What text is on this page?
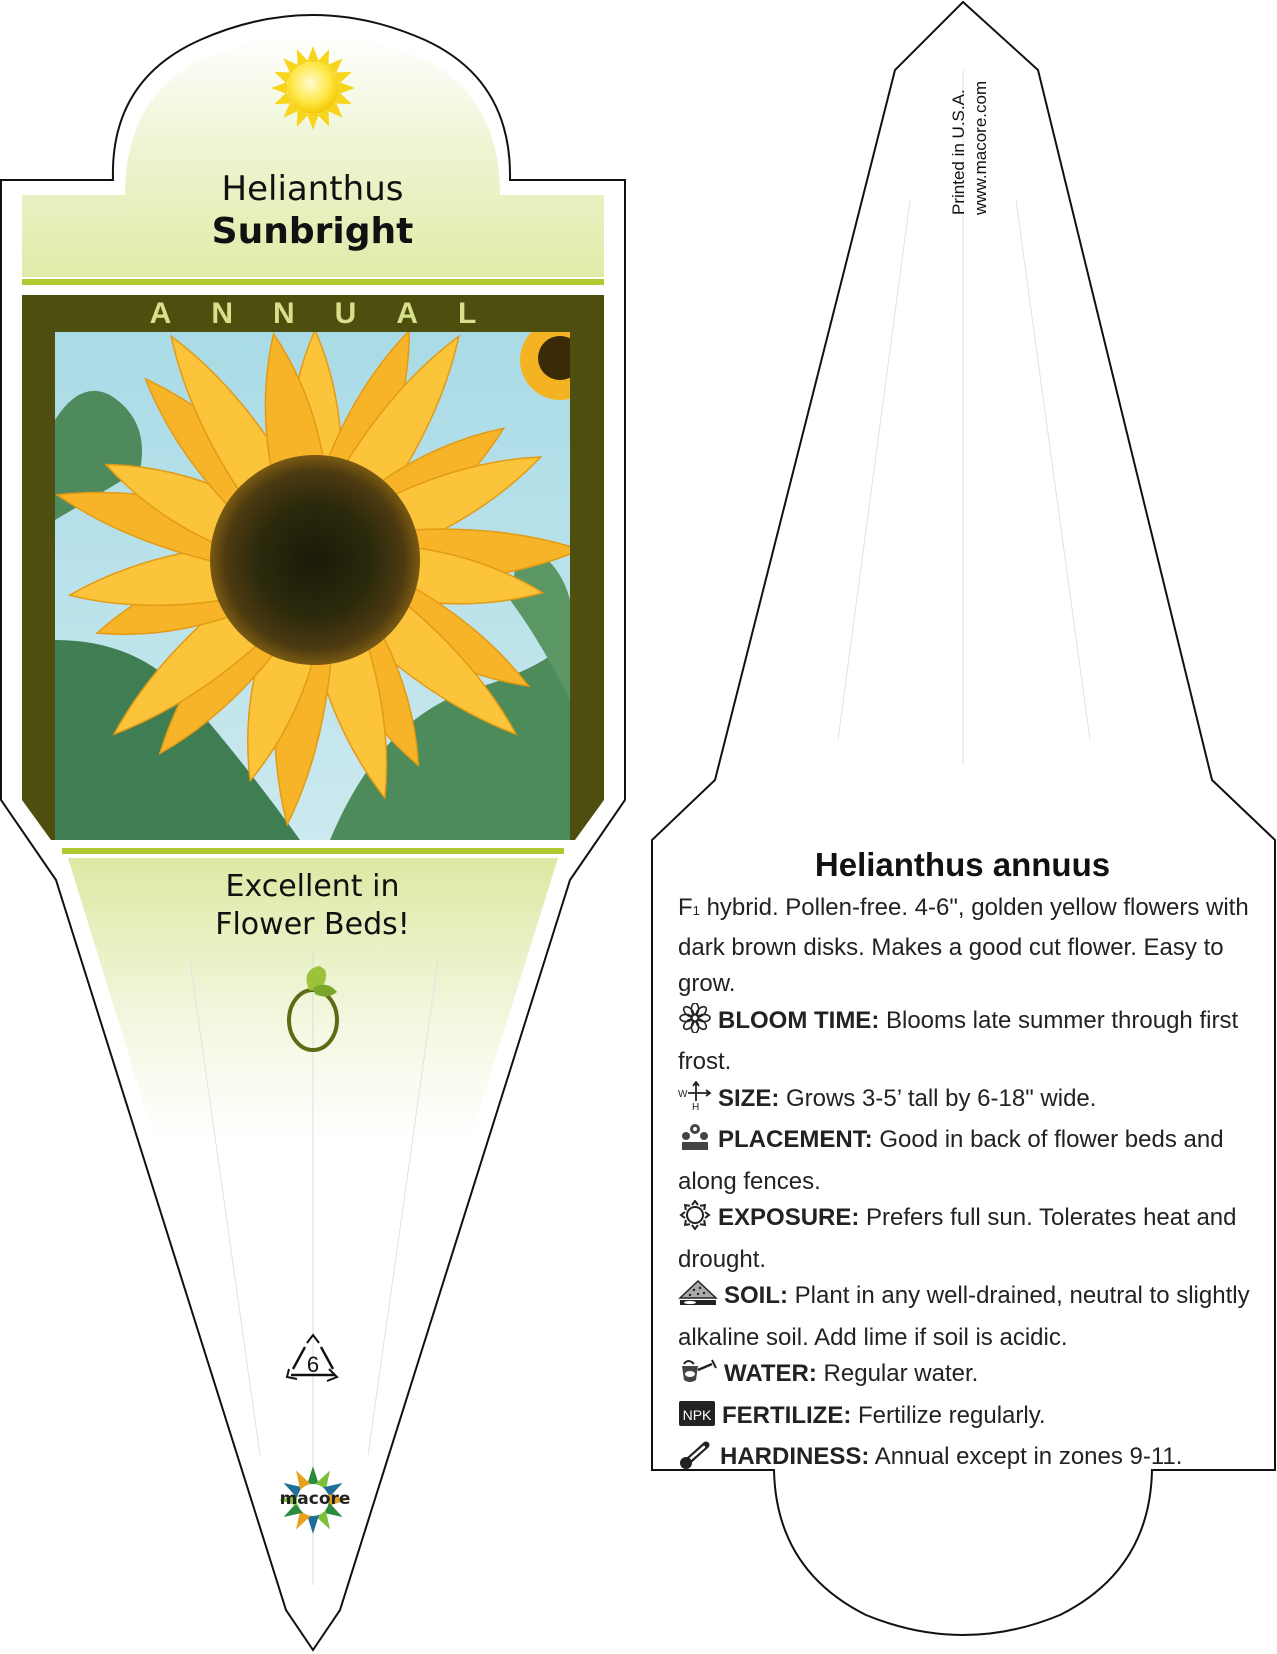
Helianthus
Sunbright
ANNUAL
Excellent in
Flower Beds!
6
macore
Printed in U.S.A. www.macore.com
Helianthus annuus

F1 hybrid. Pollen-free. 4-6", golden yellow flowers with dark brown disks. Makes a good cut flower. Easy to grow.

BLOOM TIME: Blooms late summer through first frost.

W
H SIZE: Grows 3-5’ tall by 6-18" wide.

PLACEMENT: Good in back of flower beds and along fences.

EXPOSURE: Prefers full sun. Tolerates heat and drought.

SOIL: Plant in any well-drained, neutral to slightly alkaline soil. Add lime if soil is acidic.

WATER: Regular water.

NPK FERTILIZE: Fertilize regularly.

HARDINESS: Annual except in zones 9-11.
